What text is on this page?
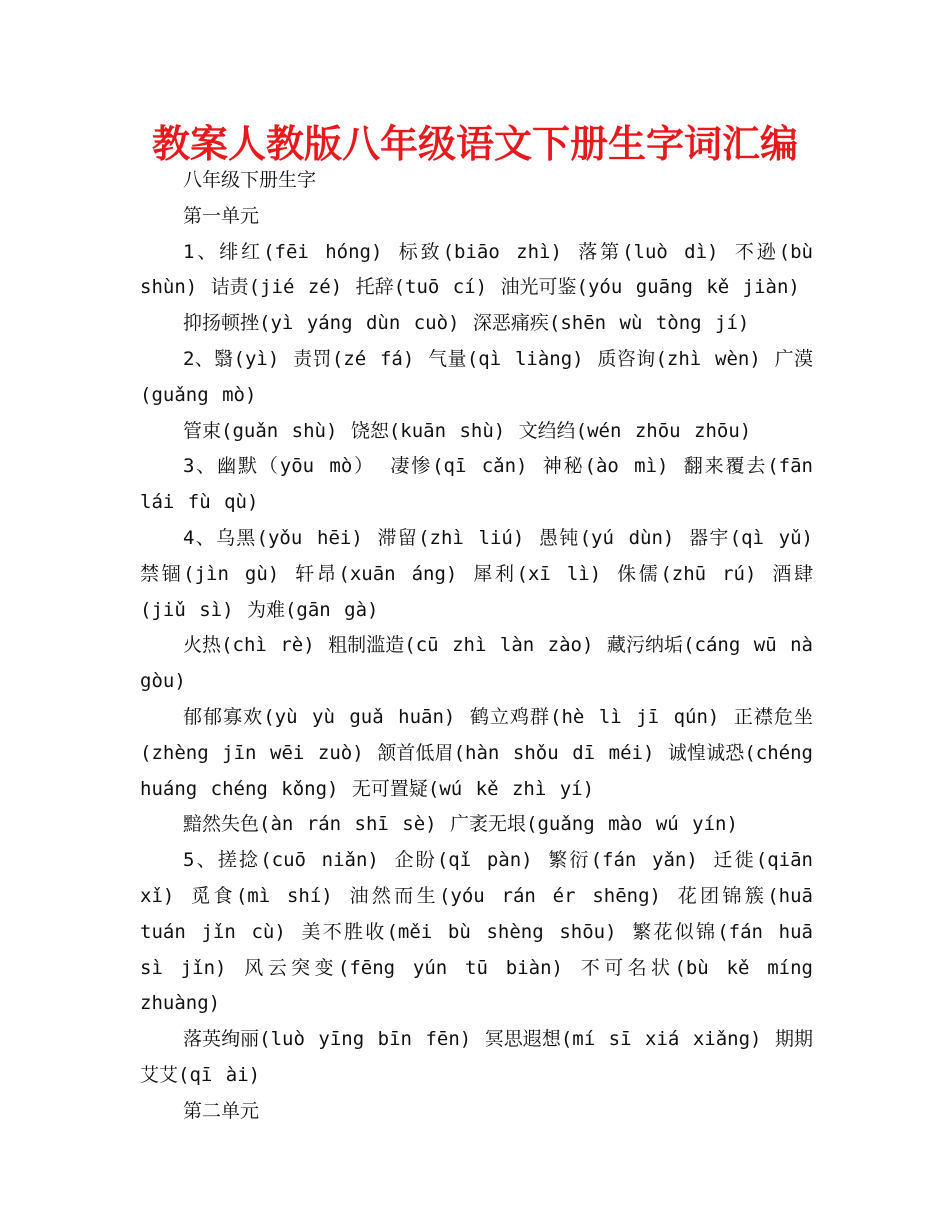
教案人教版八年级语文下册生字词汇编

八年级下册生字

第一单元

1、绯红(fēi hóng) 标致(biāo zhì) 落第(luò dì) 不逊(bù shùn) 诘责(jié zé) 托辞(tuō cí) 油光可鉴(yóu guāng kě jiàn)

抑扬顿挫(yì yáng dùn cuò) 深恶痛疾(shēn wù tòng jí)

2、翳(yì) 责罚(zé fá) 气量(qì liàng) 质咨询(zhì wèn) 广漠(guǎng mò)

管束(guǎn shù) 饶恕(kuān shù) 文绉绉(wén zhōu zhōu)

3、幽默（yōu mò） 凄惨(qī cǎn) 神秘(ào mì) 翻来覆去(fān lái fù qù)

4、乌黑(yǒu hēi) 滞留(zhì liú) 愚钝(yú dùn) 器宇(qì yǔ) 禁锢(jìn gù) 轩昂(xuān áng) 犀利(xī lì) 侏儒(zhū rú) 酒肆(jiǔ sì) 为难(gān gà)

火热(chì rè) 粗制滥造(cū zhì làn zào) 藏污纳垢(cáng wū nà gòu)

郁郁寡欢(yù yù guǎ huān) 鹤立鸡群(hè lì jī qún) 正襟危坐(zhèng jīn wēi zuò) 颔首低眉(hàn shǒu dī méi) 诚惶诚恐(chéng huáng chéng kǒng) 无可置疑(wú kě zhì yí)

黯然失色(àn rán shī sè) 广袤无垠(guǎng mào wú yín)

5、搓捻(cuō niǎn) 企盼(qǐ pàn) 繁衍(fán yǎn) 迁徙(qiān xǐ) 觅食(mì shí) 油然而生(yóu rán ér shēng) 花团锦簇(huā tuán jǐn cù) 美不胜收(měi bù shèng shōu) 繁花似锦(fán huā sì jǐn) 风云突变(fēng yún tū biàn) 不可名状(bù kě míng zhuàng)

落英绚丽(luò yīng bīn fēn) 冥思遐想(mí sī xiá xiǎng) 期期艾艾(qī ài)

第二单元
